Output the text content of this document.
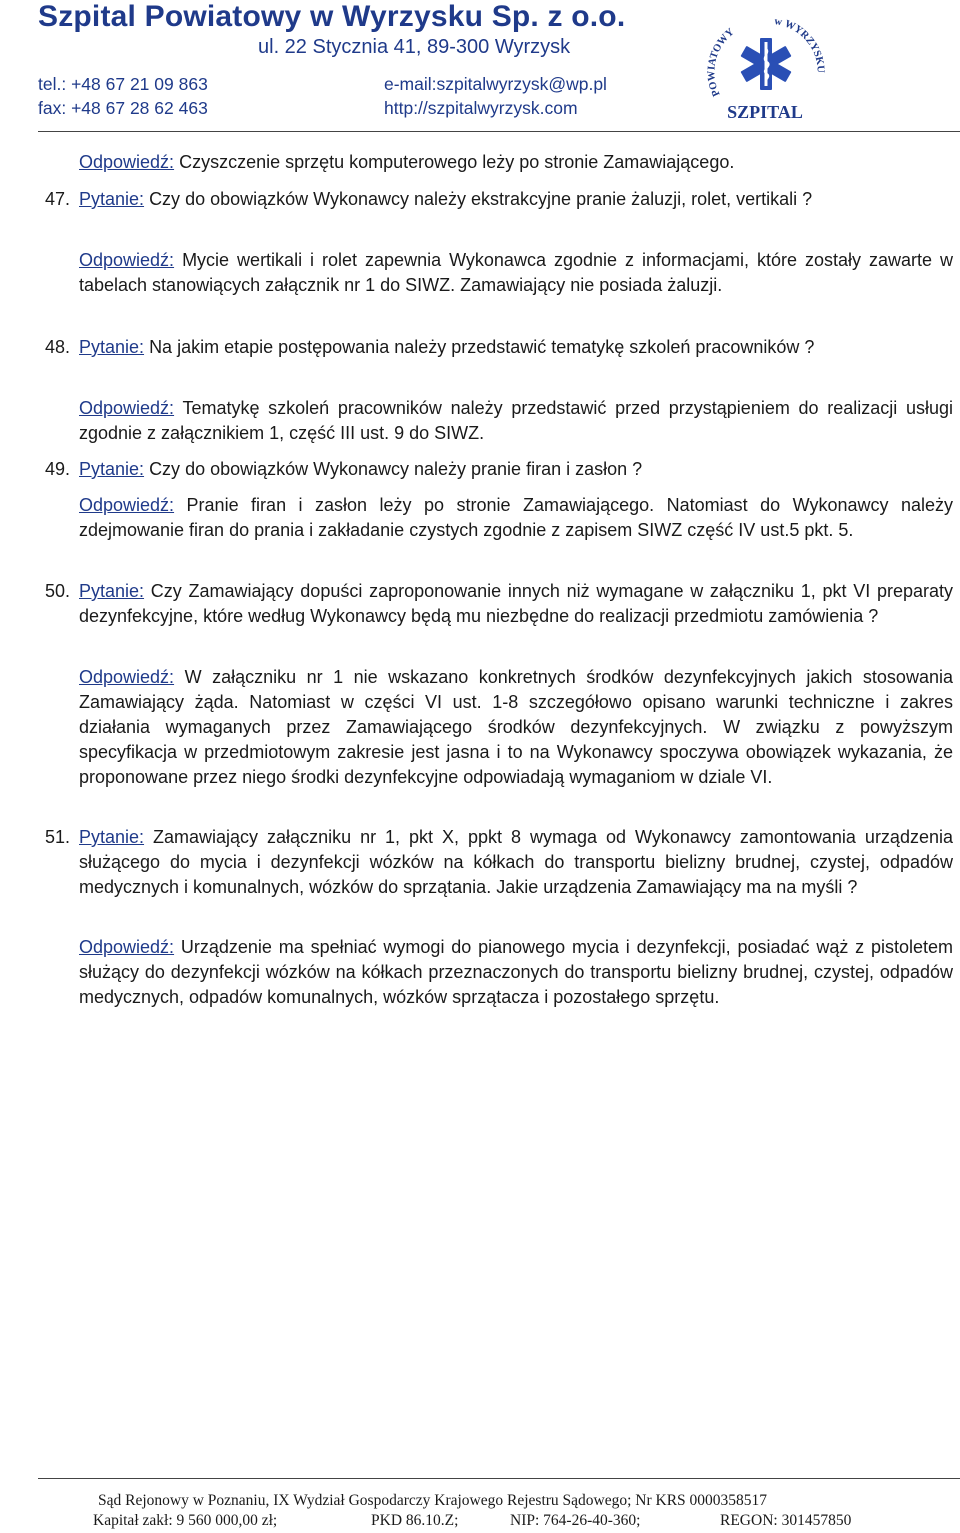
Szpital Powiatowy w Wyrzysku Sp. z o.o.
ul. 22 Stycznia 41, 89-300 Wyrzysk
tel.: +48 67 21 09 863
fax: +48 67 28 62 463
e-mail:szpitalwyrzysk@wp.pl
http://szpitalwyrzysk.com
POWIATOWY
w WYRZYSKU
SZPITAL
Odpowiedź: Czyszczenie sprzętu komputerowego leży po stronie Zamawiającego.
47. Pytanie: Czy do obowiązków Wykonawcy należy ekstrakcyjne pranie żaluzji, rolet, vertikali ?
Odpowiedź: Mycie wertikali i rolet zapewnia Wykonawca zgodnie z informacjami, które zostały zawarte w tabelach stanowiących załącznik nr 1 do SIWZ. Zamawiający nie posiada żaluzji.
48. Pytanie: Na jakim etapie postępowania należy przedstawić tematykę szkoleń pracowników ?
Odpowiedź: Tematykę szkoleń pracowników należy przedstawić przed przystąpieniem do realizacji usługi zgodnie z załącznikiem 1, część III ust. 9 do SIWZ.
49. Pytanie: Czy do obowiązków Wykonawcy należy pranie firan i zasłon ?
Odpowiedź: Pranie firan i zasłon leży po stronie Zamawiającego. Natomiast do Wykonawcy należy zdejmowanie firan do prania i zakładanie czystych zgodnie z zapisem SIWZ część IV ust.5 pkt. 5.
50. Pytanie: Czy Zamawiający dopuści zaproponowanie innych niż wymagane w załączniku 1, pkt VI preparaty dezynfekcyjne, które według Wykonawcy będą mu niezbędne do realizacji przedmiotu zamówienia ?
Odpowiedź: W załączniku nr 1 nie wskazano konkretnych środków dezynfekcyjnych jakich stosowania Zamawiający żąda. Natomiast w części VI ust. 1-8 szczegółowo opisano warunki techniczne i zakres działania wymaganych przez Zamawiającego środków dezynfekcyjnych. W związku z powyższym specyfikacja w przedmiotowym zakresie jest jasna i to na Wykonawcy spoczywa obowiązek wykazania, że proponowane przez niego środki dezynfekcyjne odpowiadają wymaganiom w dziale VI.
51. Pytanie: Zamawiający załączniku nr 1, pkt X, ppkt 8 wymaga od Wykonawcy zamontowania urządzenia służącego do mycia i dezynfekcji wózków na kółkach do transportu bielizny brudnej, czystej, odpadów medycznych i komunalnych, wózków do sprzątania. Jakie urządzenia Zamawiający ma na myśli ?
Odpowiedź: Urządzenie ma spełniać wymogi do pianowego mycia i dezynfekcji, posiadać wąż z pistoletem służący do dezynfekcji wózków na kółkach przeznaczonych do transportu bielizny brudnej, czystej, odpadów medycznych, odpadów komunalnych, wózków sprzątacza i pozostałego sprzętu.
Sąd Rejonowy w Poznaniu, IX Wydział Gospodarczy Krajowego Rejestru Sądowego; Nr KRS 0000358517
Kapitał zakł: 9 560 000,00 zł;	PKD 86.10.Z;	NIP: 764-26-40-360;	REGON: 301457850
